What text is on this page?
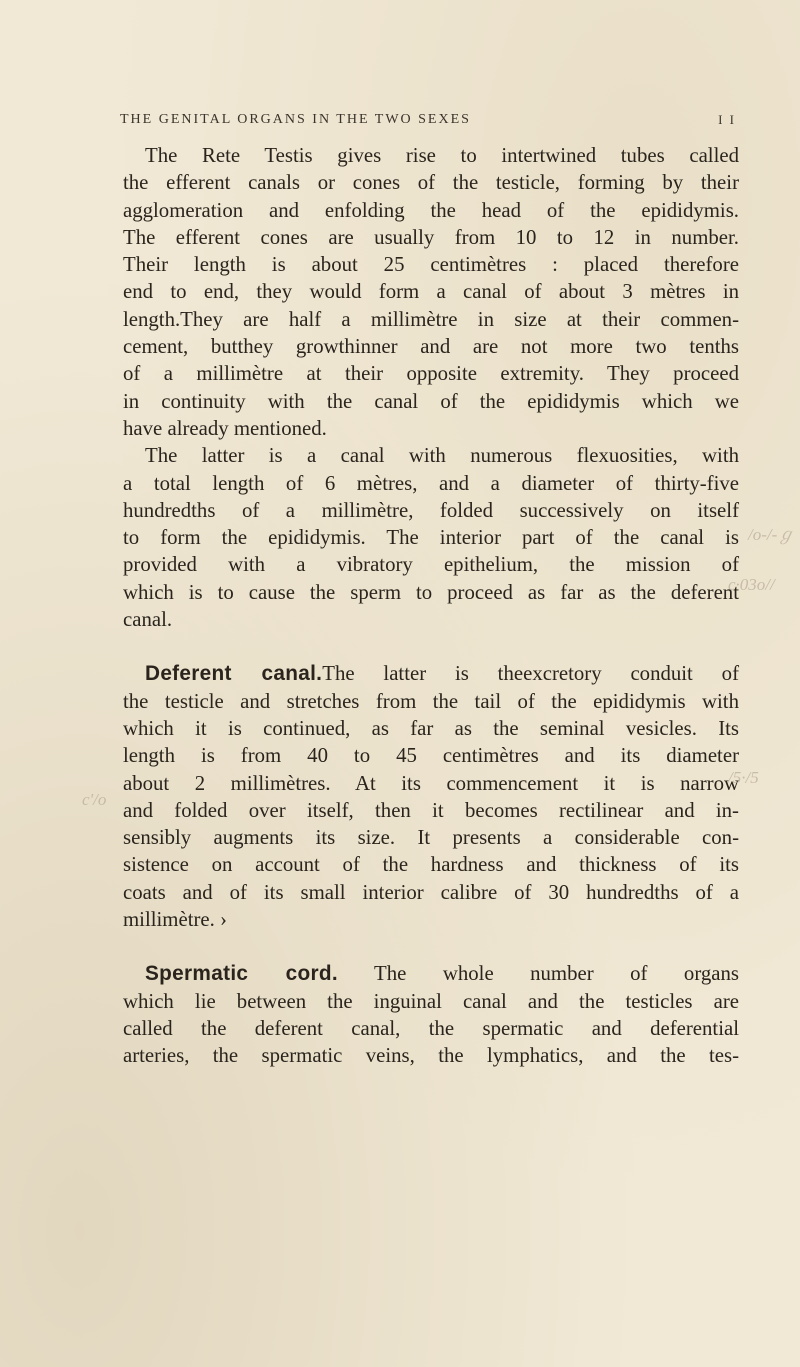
THE GENITAL ORGANS IN THE TWO SEXES	I I
The Rete Testis gives rise to intertwined tubes called
the efferent canals or cones of the testicle, forming by their
agglomeration and enfolding the head of the epididymis.
The efferent cones are usually from 10 to 12 in number.
Their length is about 25 centimètres : placed therefore
end to end, they would form a canal of about 3 mètres in
length.They are half a millimètre in size at their commen-
cement, butthey growthinner and are not more two tenths
of a millimètre at their opposite extremity. They proceed
in continuity with the canal of the epididymis which we
have already mentioned.
The latter is a canal with numerous flexuosities, with
a total length of 6 mètres, and a diameter of thirty-five
hundredths of a millimètre, folded successively on itself
to form the epididymis. The interior part of the canal is
provided with a vibratory epithelium, the mission of
which is to cause the sperm to proceed as far as the deferent
canal.
Deferent canal.The latter is theexcretory conduit of
the testicle and stretches from the tail of the epididymis with
which it is continued, as far as the seminal vesicles. Its
length is from 40 to 45 centimètres and its diameter
about 2 millimètres. At its commencement it is narrow
and folded over itself, then it becomes rectilinear and in-
sensibly augments its size. It presents a considerable con-
sistence on account of the hardness and thickness of its
coats and of its small interior calibre of 30 hundredths of a
millimètre. ›
Spermatic cord. The whole number of organs
which lie between the inguinal canal and the testicles are
called the deferent canal, the spermatic and deferential
arteries, the spermatic veins, the lymphatics, and the tes-
/o-/-ℊ
c·03o//
/5·/5
c'/o
